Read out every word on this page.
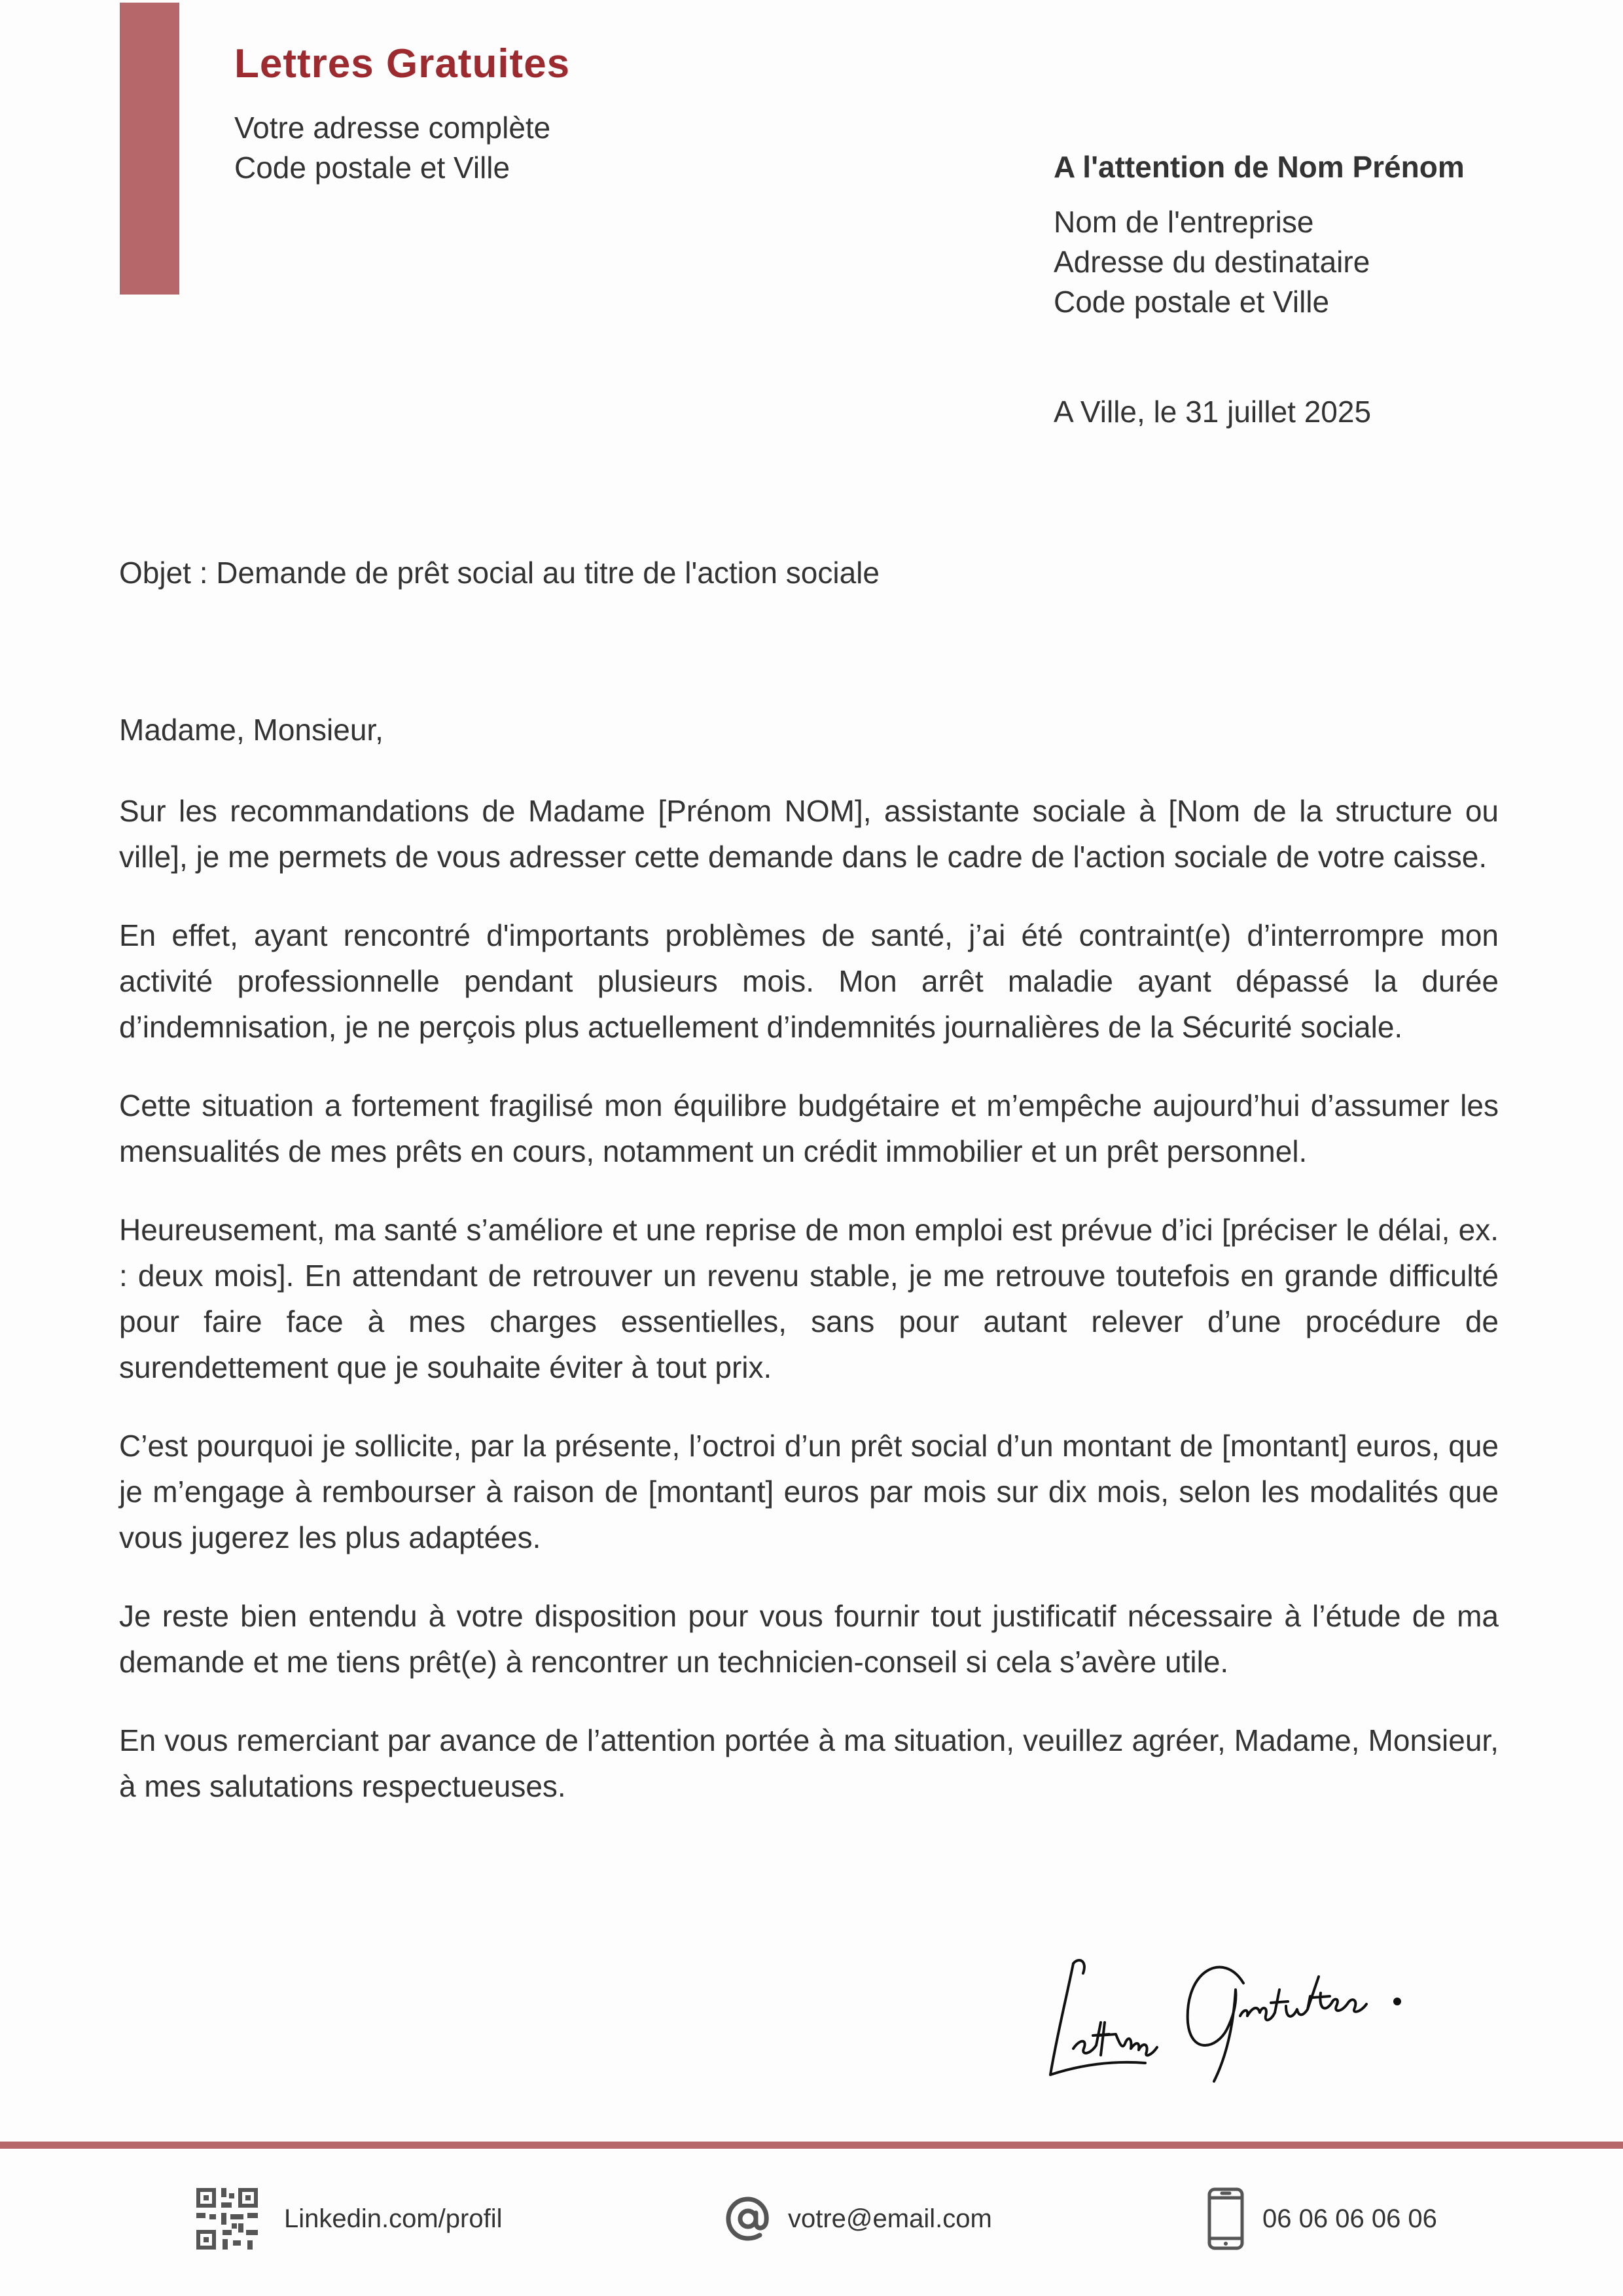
Lettres Gratuites
Votre adresse complète
Code postale et Ville	A l'attention de Nom Prénom
Nom de l'entreprise
Adresse du destinataire
Code postale et Ville
A Ville, le 31 juillet 2025
Objet : Demande de prêt social au titre de l'action sociale
Madame, Monsieur,

Sur les recommandations de Madame [Prénom NOM], assistante sociale à [Nom de la structure ou ville], je me permets de vous adresser cette demande dans le cadre de l'action sociale de votre caisse.

En effet, ayant rencontré d'importants problèmes de santé, j’ai été contraint(e) d’interrompre mon activité professionnelle pendant plusieurs mois. Mon arrêt maladie ayant dépassé la durée d’indemnisation, je ne perçois plus actuellement d’indemnités journalières de la Sécurité sociale.

Cette situation a fortement fragilisé mon équilibre budgétaire et m’empêche aujourd’hui d’assumer les mensualités de mes prêts en cours, notamment un crédit immobilier et un prêt personnel.

Heureusement, ma santé s’améliore et une reprise de mon emploi est prévue d’ici [préciser le délai, ex. : deux mois]. En attendant de retrouver un revenu stable, je me retrouve toutefois en grande difficulté pour faire face à mes charges essentielles, sans pour autant relever d’une procédure de surendettement que je souhaite éviter à tout prix.

C’est pourquoi je sollicite, par la présente, l’octroi d’un prêt social d’un montant de [montant] euros, que je m’engage à rembourser à raison de [montant] euros par mois sur dix mois, selon les modalités que vous jugerez les plus adaptées.

Je reste bien entendu à votre disposition pour vous fournir tout justificatif nécessaire à l’étude de ma demande et me tiens prêt(e) à rencontrer un technicien-conseil si cela s’avère utile.

En vous remerciant par avance de l’attention portée à ma situation, veuillez agréer, Madame, Monsieur, à mes salutations respectueuses.

Linkedin.com/profil	votre@email.com	06 06 06 06 06
